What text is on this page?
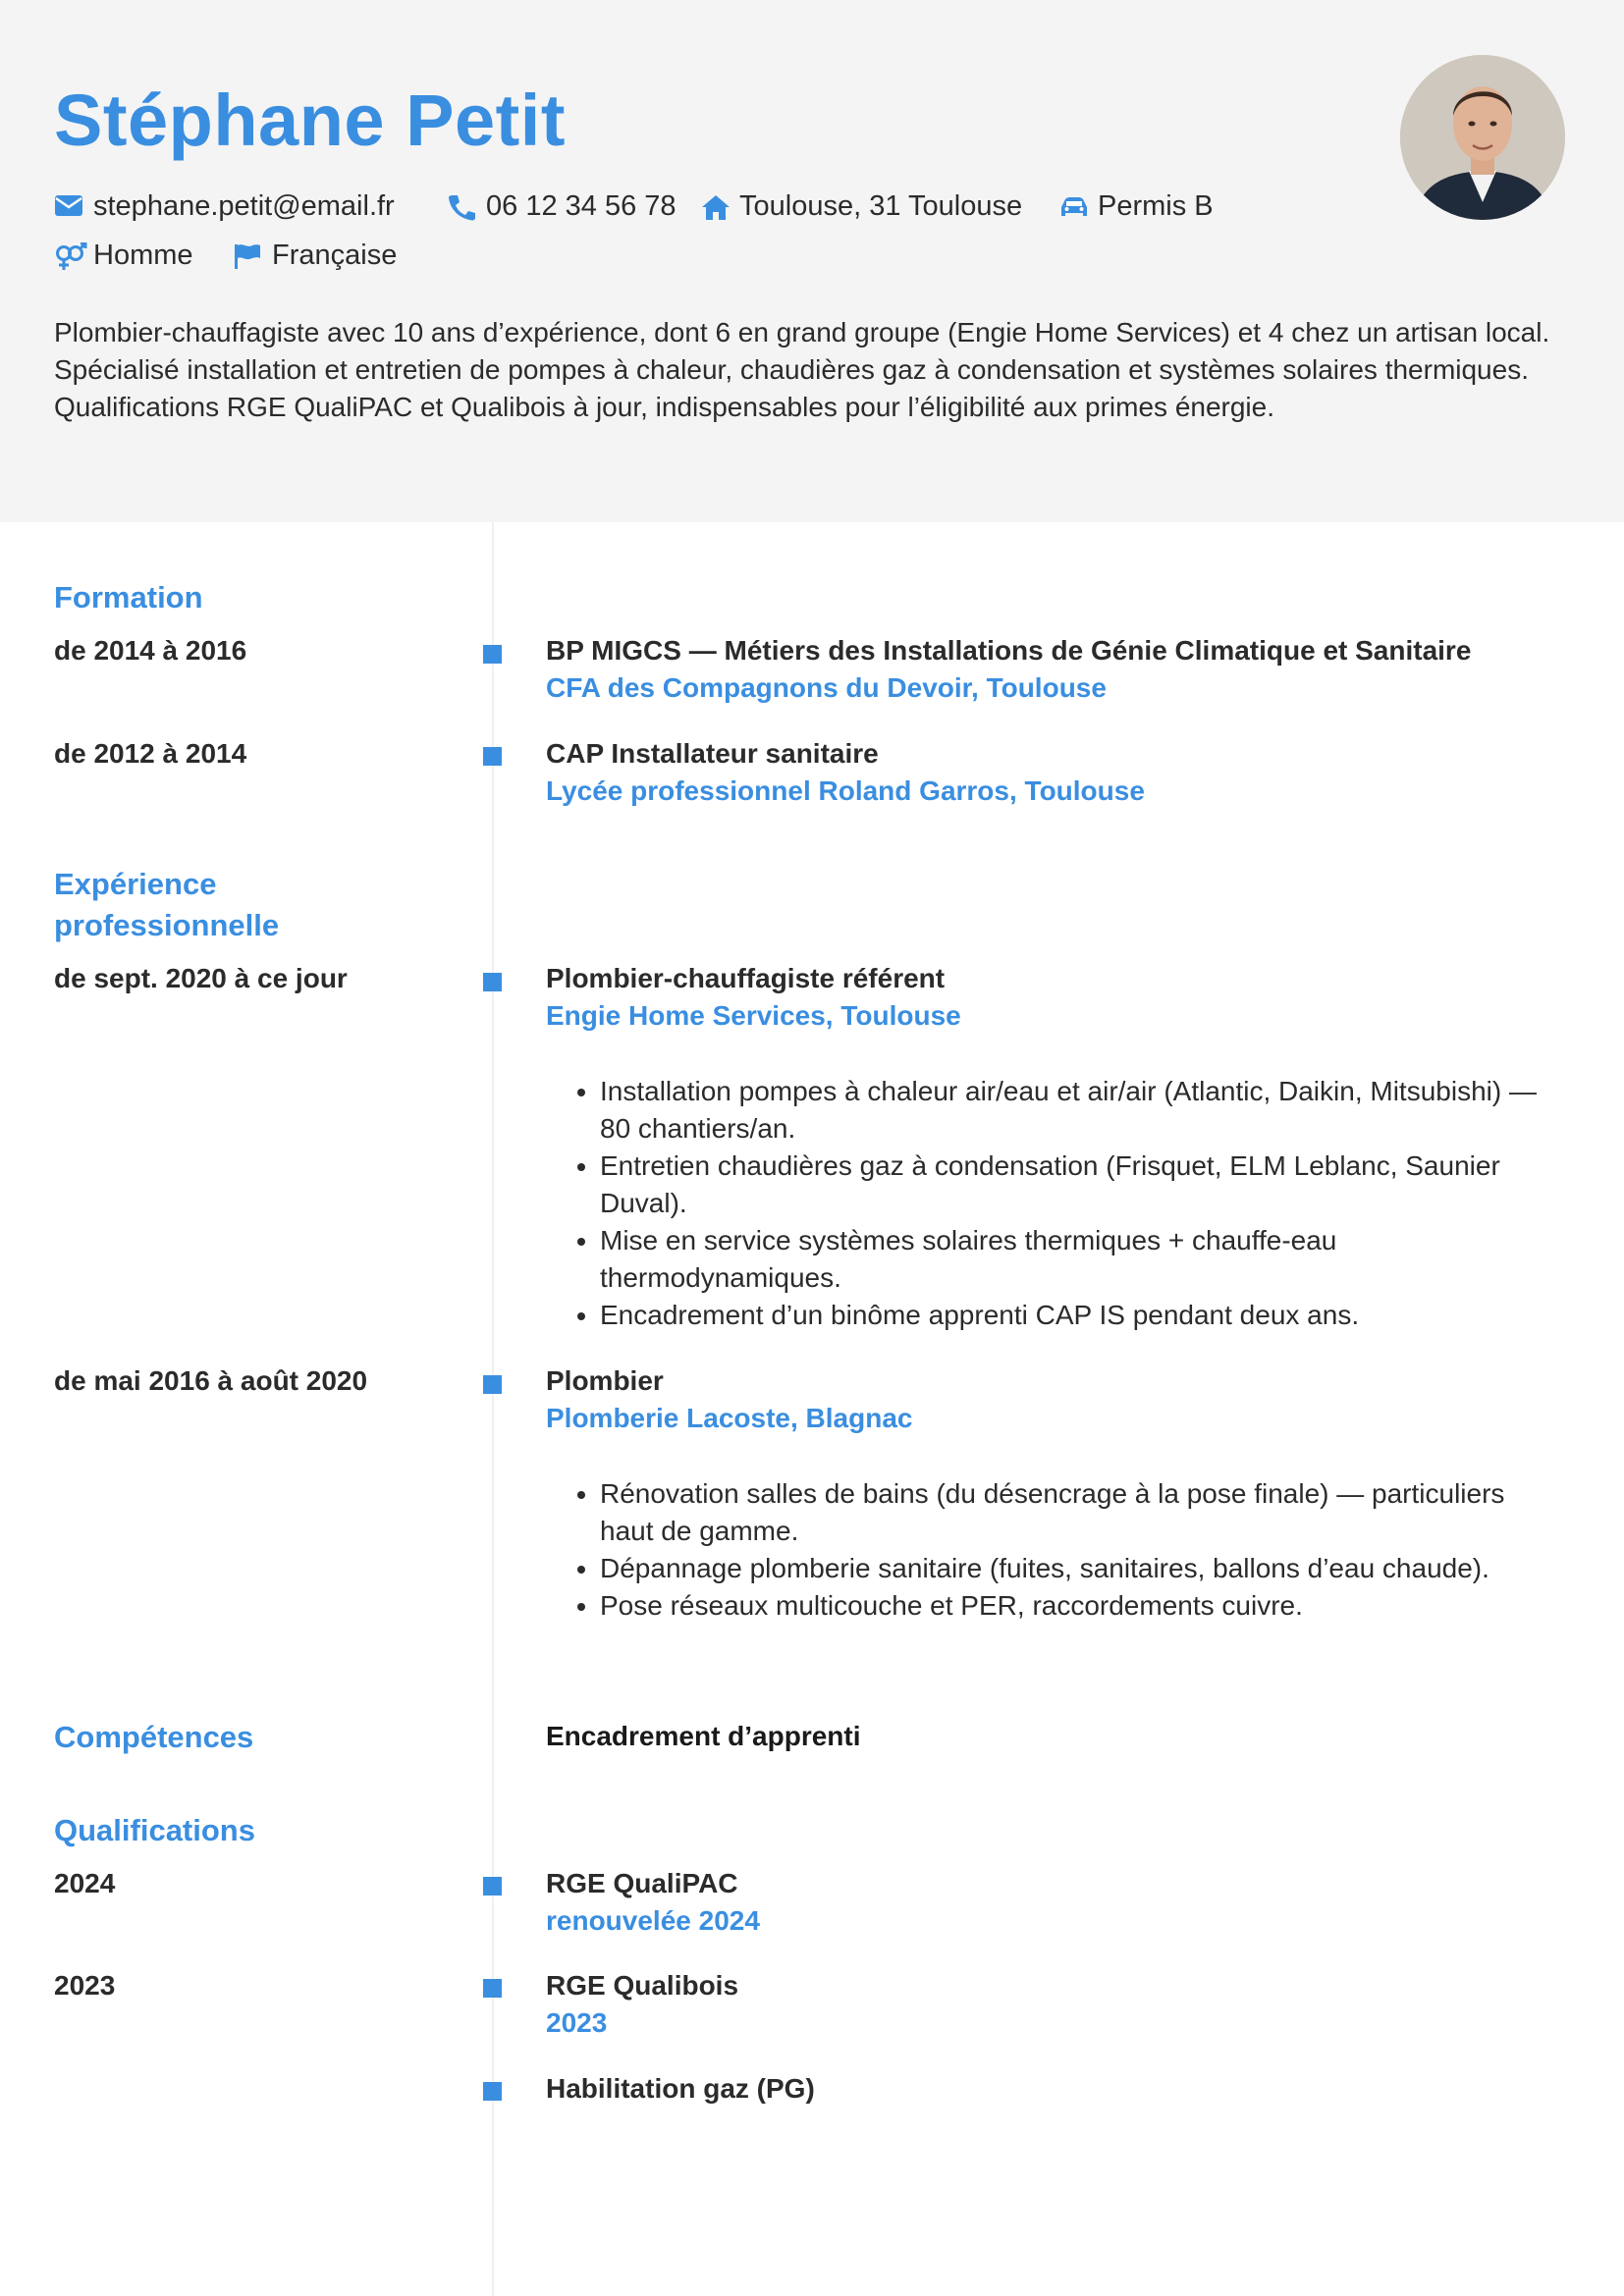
Stéphane Petit
stephane.petit@email.fr	06 12 34 56 78 Toulouse, 31 Toulouse	Permis B
Homme	Française
Plombier-chauffagiste avec 10 ans d’expérience, dont 6 en grand groupe (Engie Home Services) et 4 chez un artisan local. Spécialisé installation et entretien de pompes à chaleur, chaudières gaz à condensation et systèmes solaires thermiques. Qualifications RGE QualiPAC et Qualibois à jour, indispensables pour l’éligibilité aux primes énergie.
Formation
de 2014 à 2016	BP MIGCS — Métiers des Installations de Génie Climatique et Sanitaire
CFA des Compagnons du Devoir, Toulouse
de 2012 à 2014	CAP Installateur sanitaire
Lycée professionnel Roland Garros, Toulouse
Expérience
professionnelle
de sept. 2020 à ce jour	Plombier-chauffagiste référent
Engie Home Services, Toulouse
• Installation pompes à chaleur air/eau et air/air (Atlantic, Daikin, Mitsubishi) — 80 chantiers/an.
• Entretien chaudières gaz à condensation (Frisquet, ELM Leblanc, Saunier Duval).
• Mise en service systèmes solaires thermiques + chauffe-eau thermodynamiques.
• Encadrement d’un binôme apprenti CAP IS pendant deux ans.
de mai 2016 à août 2020	Plombier
Plomberie Lacoste, Blagnac
• Rénovation salles de bains (du désencrage à la pose finale) — particuliers haut de gamme.
• Dépannage plomberie sanitaire (fuites, sanitaires, ballons d’eau chaude).
• Pose réseaux multicouche et PER, raccordements cuivre.
Compétences	Encadrement d’apprenti
Qualifications
2024	RGE QualiPAC
renouvelée 2024
2023	RGE Qualibois
2023
Habilitation gaz (PG)
